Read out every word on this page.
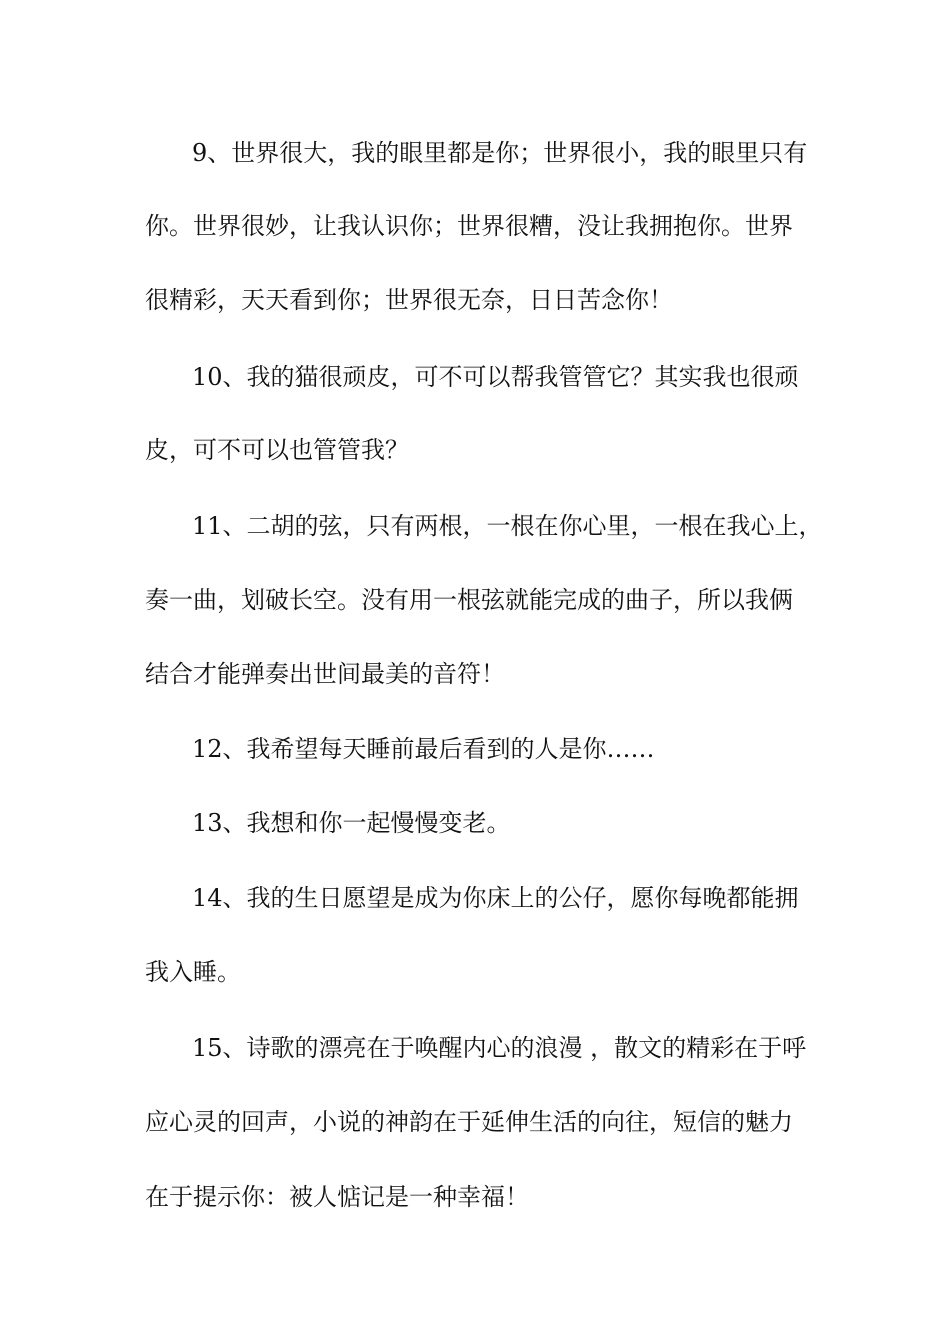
9、世界很大，我的眼里都是你；世界很小，我的眼里只有
你。世界很妙，让我认识你；世界很糟，没让我拥抱你。世界
很精彩，天天看到你；世界很无奈，日日苦念你！
10、我的猫很顽皮，可不可以帮我管管它？其实我也很顽
皮，可不可以也管管我？
11、二胡的弦，只有两根，一根在你心里，一根在我心上，
奏一曲，划破长空。没有用一根弦就能完成的曲子，所以我俩
结合才能弹奏出世间最美的音符！
12、我希望每天睡前最后看到的人是你……
13、我想和你一起慢慢变老。
14、我的生日愿望是成为你床上的公仔，愿你每晚都能拥
我入睡。
15、诗歌的漂亮在于唤醒内心的浪漫 ，散文的精彩在于呼
应心灵的回声，小说的神韵在于延伸生活的向往，短信的魅力
在于提示你：被人惦记是一种幸福！
